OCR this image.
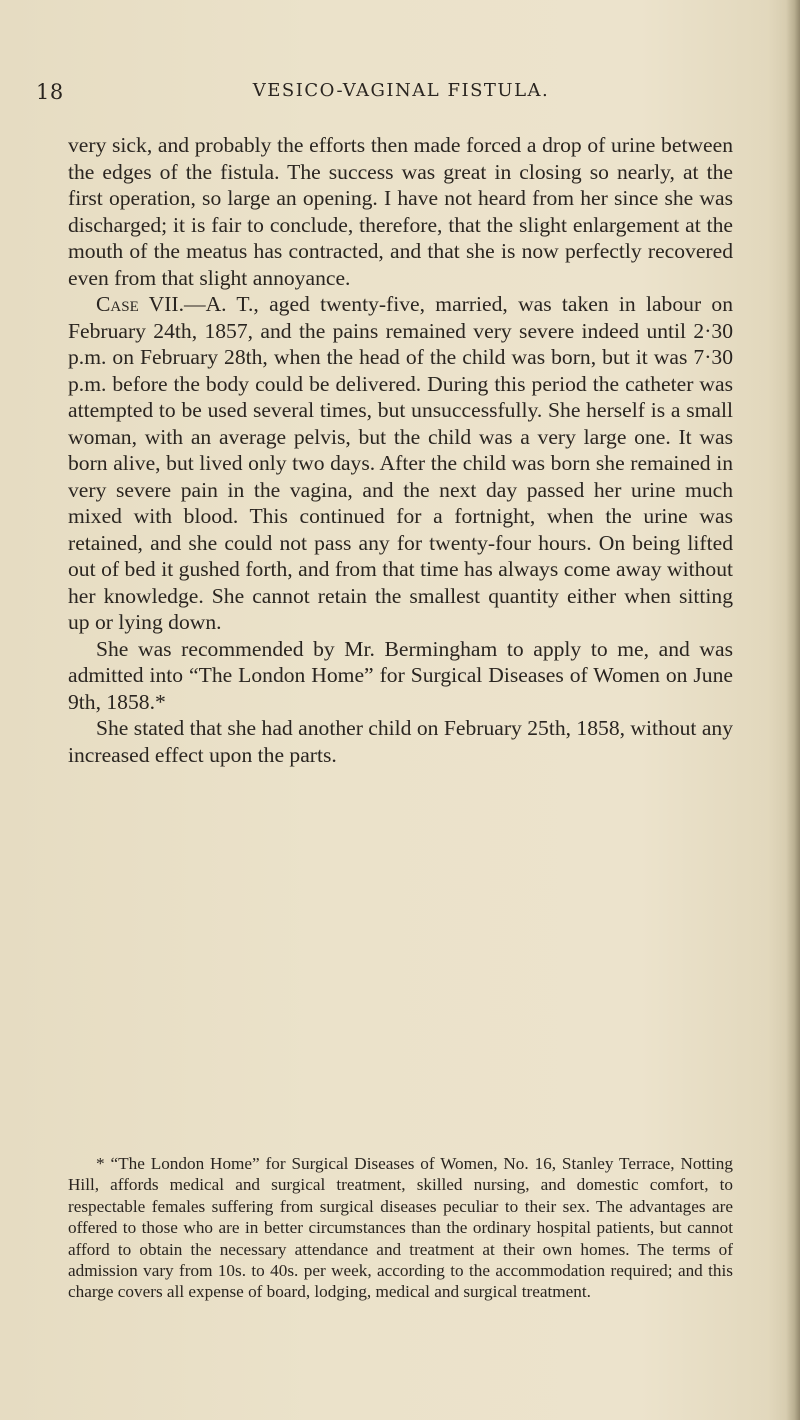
18	VESICO-VAGINAL FISTULA.

very sick, and probably the efforts then made forced a drop of urine between the edges of the fistula. The success was great in closing so nearly, at the first operation, so large an opening. I have not heard from her since she was discharged; it is fair to conclude, therefore, that the slight enlargement at the mouth of the meatus has contracted, and that she is now perfectly recovered even from that slight annoyance.

Case VII.—A. T., aged twenty-five, married, was taken in labour on February 24th, 1857, and the pains remained very severe indeed until 2·30 p.m. on February 28th, when the head of the child was born, but it was 7·30 p.m. before the body could be delivered. During this period the catheter was attempted to be used several times, but unsuccessfully. She herself is a small woman, with an average pelvis, but the child was a very large one. It was born alive, but lived only two days. After the child was born she remained in very severe pain in the vagina, and the next day passed her urine much mixed with blood. This continued for a fortnight, when the urine was retained, and she could not pass any for twenty-four hours. On being lifted out of bed it gushed forth, and from that time has always come away without her knowledge. She cannot retain the smallest quantity either when sitting up or lying down.

She was recommended by Mr. Bermingham to apply to me, and was admitted into “The London Home” for Surgical Diseases of Women on June 9th, 1858.*

She stated that she had another child on February 25th, 1858, without any increased effect upon the parts.

* “The London Home” for Surgical Diseases of Women, No. 16, Stanley Terrace, Notting Hill, affords medical and surgical treatment, skilled nursing, and domestic comfort, to respectable females suffering from surgical diseases peculiar to their sex. The advantages are offered to those who are in better circumstances than the ordinary hospital patients, but cannot afford to obtain the necessary attendance and treatment at their own homes. The terms of admission vary from 10s. to 40s. per week, according to the accommodation required; and this charge covers all expense of board, lodging, medical and surgical treatment.
